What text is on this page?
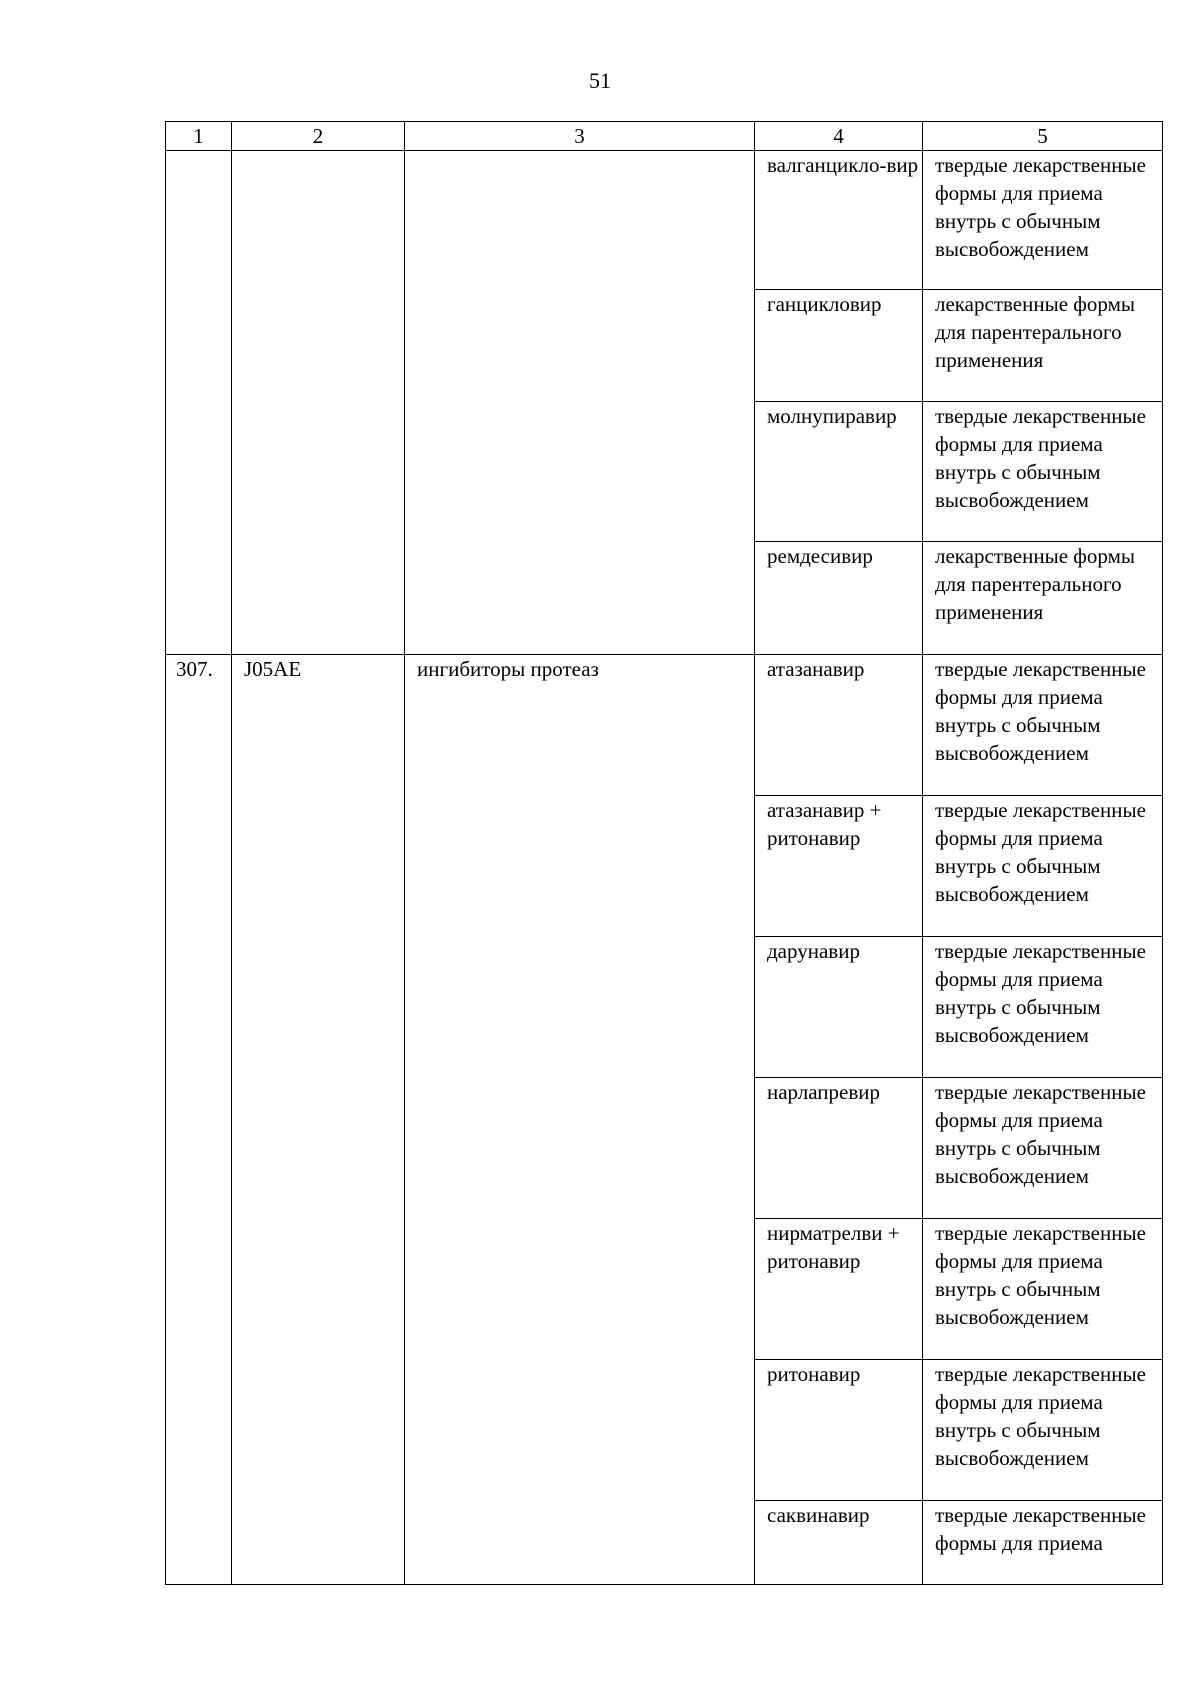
51
1	2	3	4	5
			валганцикло-вир	твердые лекарственные формы для приема внутрь с обычным высвобождением
			ганцикловир	лекарственные формы для парентерального применения
			молнупиравир	твердые лекарственные формы для приема внутрь с обычным высвобождением
			ремдесивир	лекарственные формы для парентерального применения
307.	J05AE	ингибиторы протеаз	атазанавир	твердые лекарственные формы для приема внутрь с обычным высвобождением
			атазанавир + ритонавир	твердые лекарственные формы для приема внутрь с обычным высвобождением
			дарунавир	твердые лекарственные формы для приема внутрь с обычным высвобождением
			нарлапревир	твердые лекарственные формы для приема внутрь с обычным высвобождением
			нирматрелви + ритонавир	твердые лекарственные формы для приема внутрь с обычным высвобождением
			ритонавир	твердые лекарственные формы для приема внутрь с обычным высвобождением
			саквинавир	твердые лекарственные формы для приема
